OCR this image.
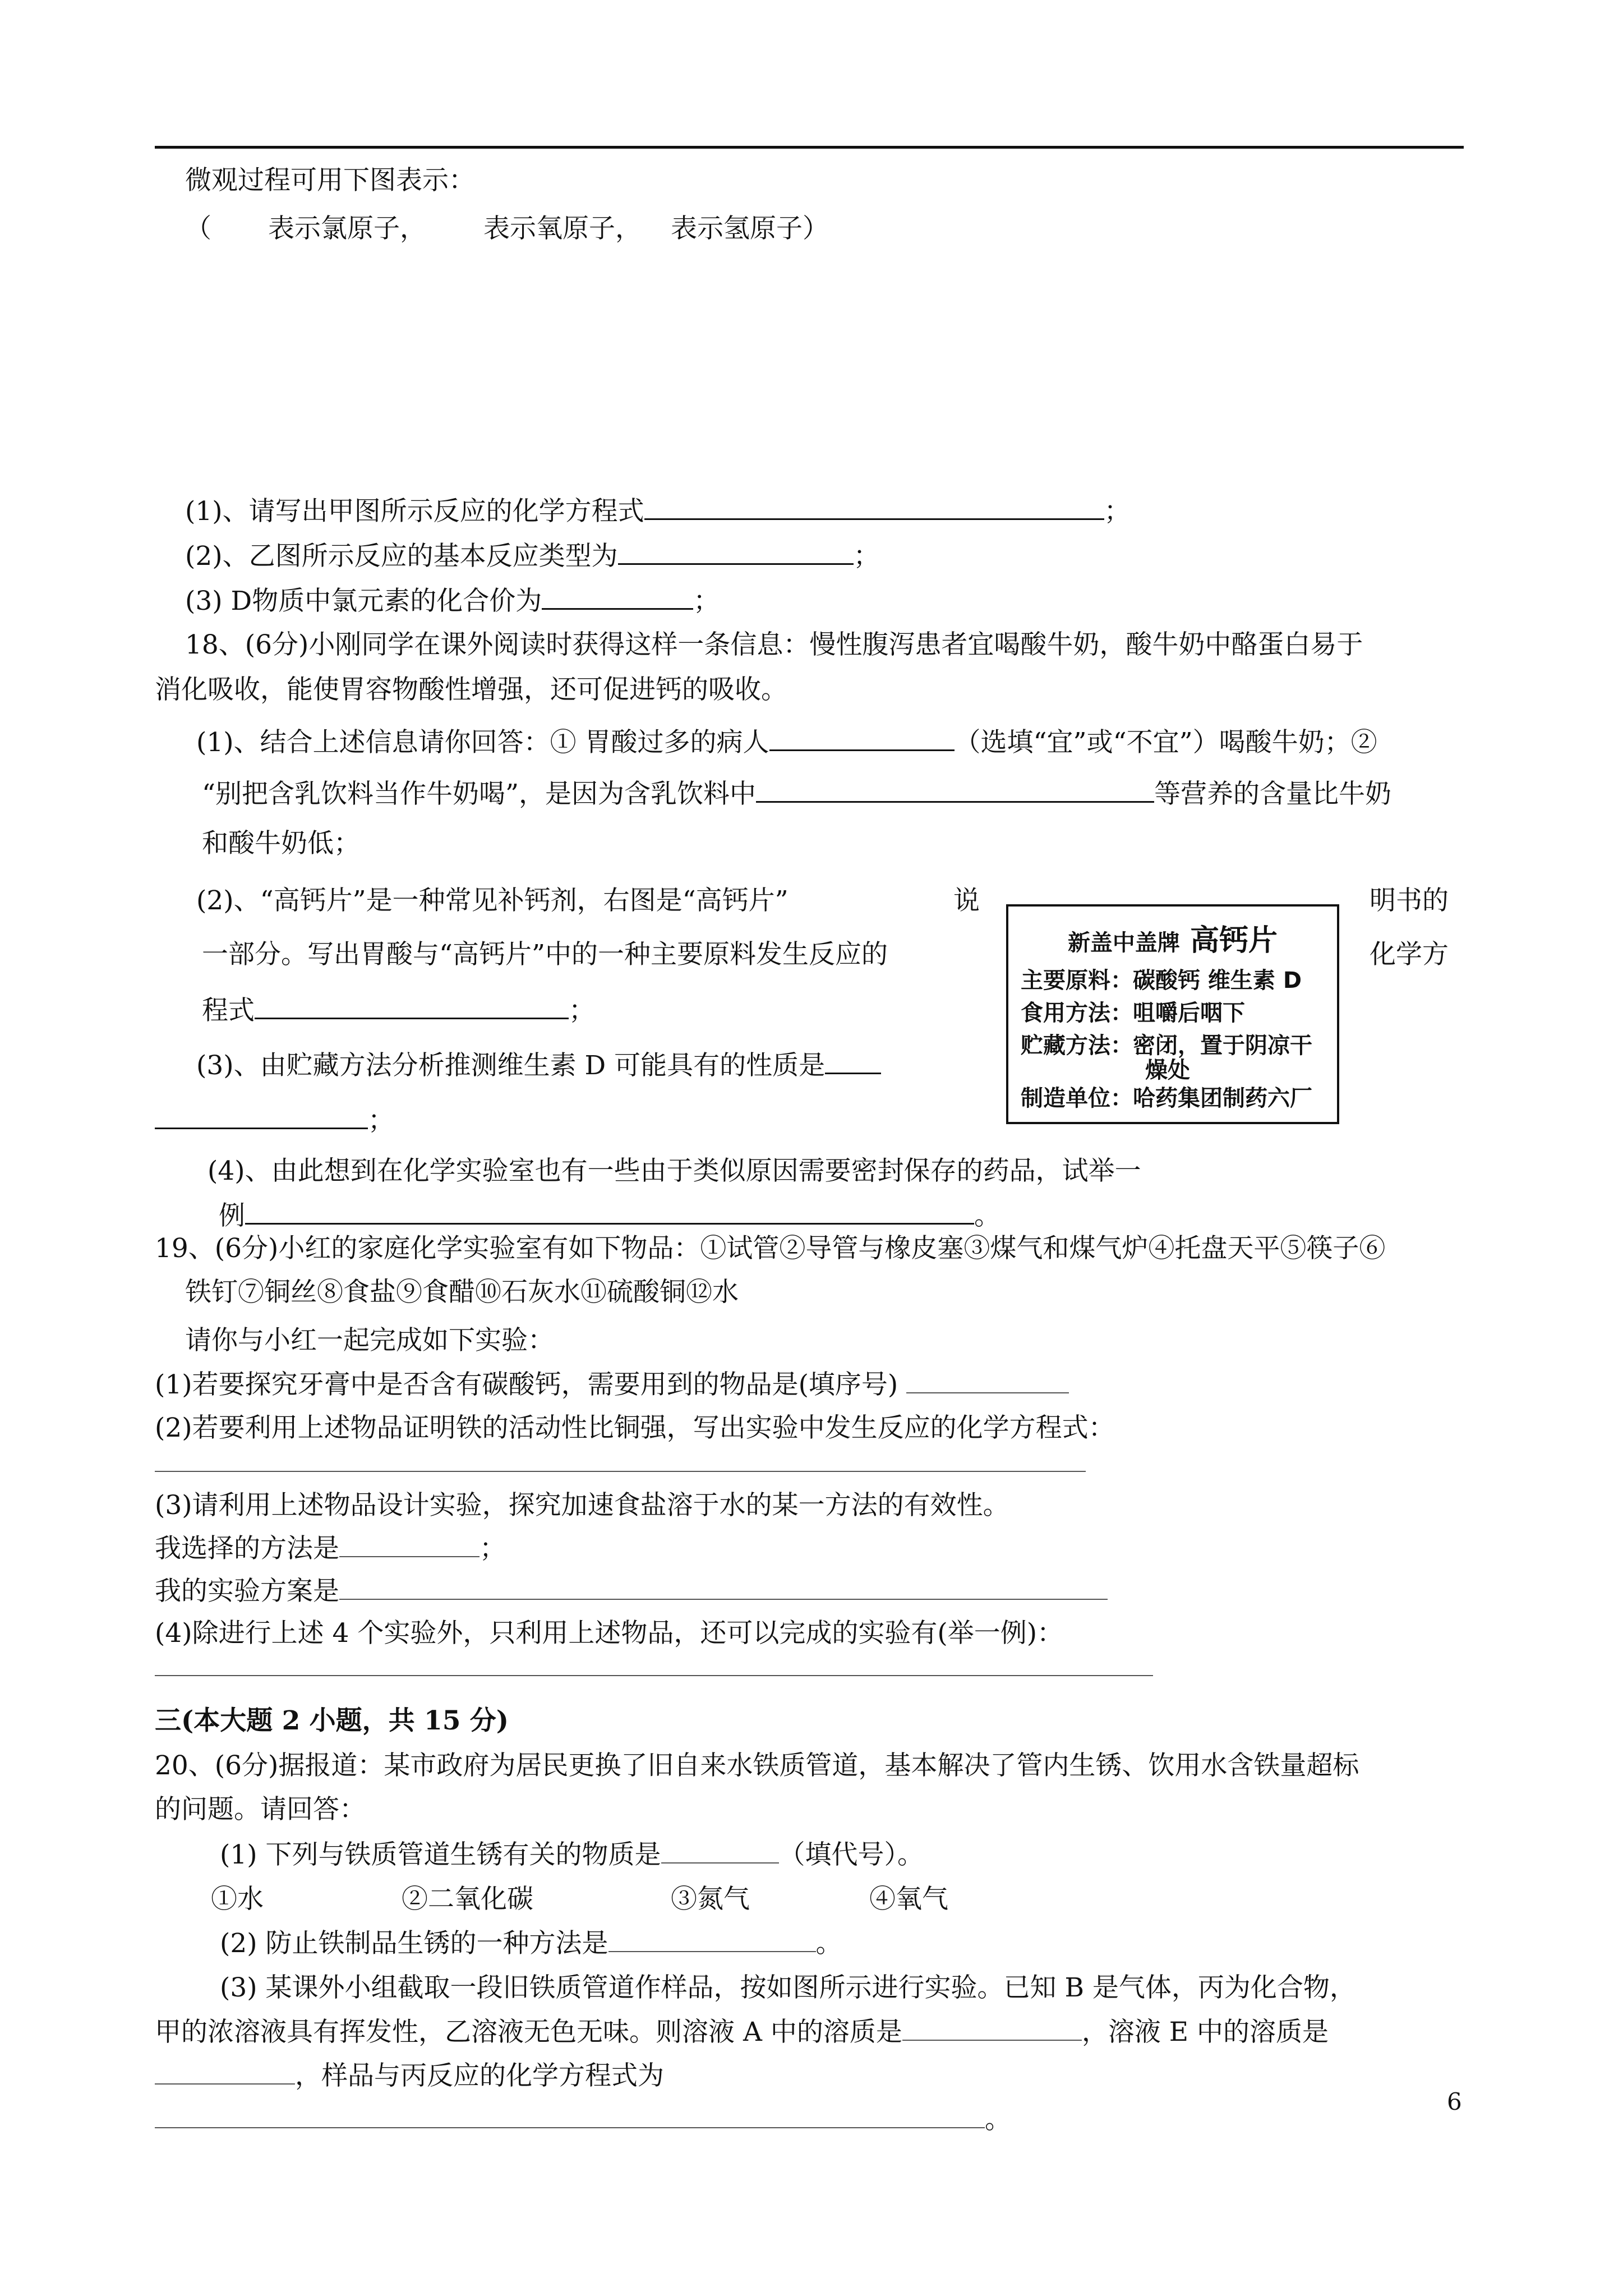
微观过程可用下图表示：
（ 表示氯原子， 表示氧原子， 表示氢原子）
(1)、请写出甲图所示反应的化学方程式	；
(2)、乙图所示反应的基本反应类型为	；
(3) D物质中氯元素的化合价为	；
18、(6分)小刚同学在课外阅读时获得这样一条信息：慢性腹泻患者宜喝酸牛奶，酸牛奶中酪蛋白易于
消化吸收，能使胃容物酸性增强，还可促进钙的吸收。
(1)、结合上述信息请你回答：① 胃酸过多的病人	（选填“宜”或“不宜”）喝酸牛奶；②
“别把含乳饮料当作牛奶喝”，是因为含乳饮料中	等营养的含量比牛奶
和酸牛奶低；
(2)、“高钙片”是一种常见补钙剂，右图是“高钙片”	说	明书的
一部分。写出胃酸与“高钙片”中的一种主要原料发生反应的	化学方
程式	；
(3)、由贮藏方法分析推测维生素 D 可能具有的性质是
；
(4)、由此想到在化学实验室也有一些由于类似原因需要密封保存的药品，试举一
例	。
新盖中盖牌 高钙片
主要原料：碳酸钙 维生素 D
食用方法：咀嚼后咽下
贮藏方法：密闭，置于阴凉干
燥处
制造单位：哈药集团制药六厂
19、(6分)小红的家庭化学实验室有如下物品：①试管②导管与橡皮塞③煤气和煤气炉④托盘天平⑤筷子⑥
铁钉⑦铜丝⑧食盐⑨食醋⑩石灰水⑪硫酸铜⑫水
请你与小红一起完成如下实验：
(1)若要探究牙膏中是否含有碳酸钙，需要用到的物品是(填序号)
(2)若要利用上述物品证明铁的活动性比铜强，写出实验中发生反应的化学方程式：
(3)请利用上述物品设计实验，探究加速食盐溶于水的某一方法的有效性。
我选择的方法是	；
我的实验方案是
(4)除进行上述 4 个实验外，只利用上述物品，还可以完成的实验有(举一例)：
三(本大题 2 小题，共 15 分)
20、(6分)据报道：某市政府为居民更换了旧自来水铁质管道，基本解决了管内生锈、饮用水含铁量超标
的问题。请回答：
(1) 下列与铁质管道生锈有关的物质是	（填代号）。
①水	②二氧化碳	③氮气	④氧气
(2) 防止铁制品生锈的一种方法是	。
(3) 某课外小组截取一段旧铁质管道作样品，按如图所示进行实验。已知 B 是气体，丙为化合物，
甲的浓溶液具有挥发性，乙溶液无色无味。则溶液 A 中的溶质是	，溶液 E 中的溶质是
，样品与丙反应的化学方程式为
。
6
